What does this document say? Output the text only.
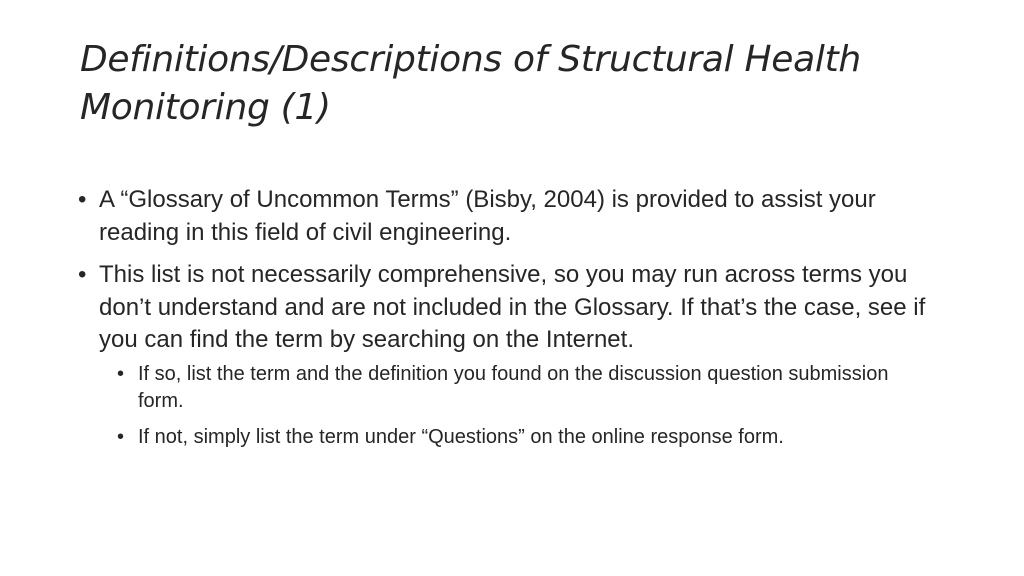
Definitions/Descriptions of Structural Health Monitoring (1)
• A “Glossary of Uncommon Terms” (Bisby, 2004) is provided to assist your reading in this field of civil engineering.
• This list is not necessarily comprehensive, so you may run across terms you don’t understand and are not included in the Glossary. If that’s the case, see if you can find the term by searching on the Internet.
• If so, list the term and the definition you found on the discussion question submission form.
• If not, simply list the term under “Questions” on the online response form.
